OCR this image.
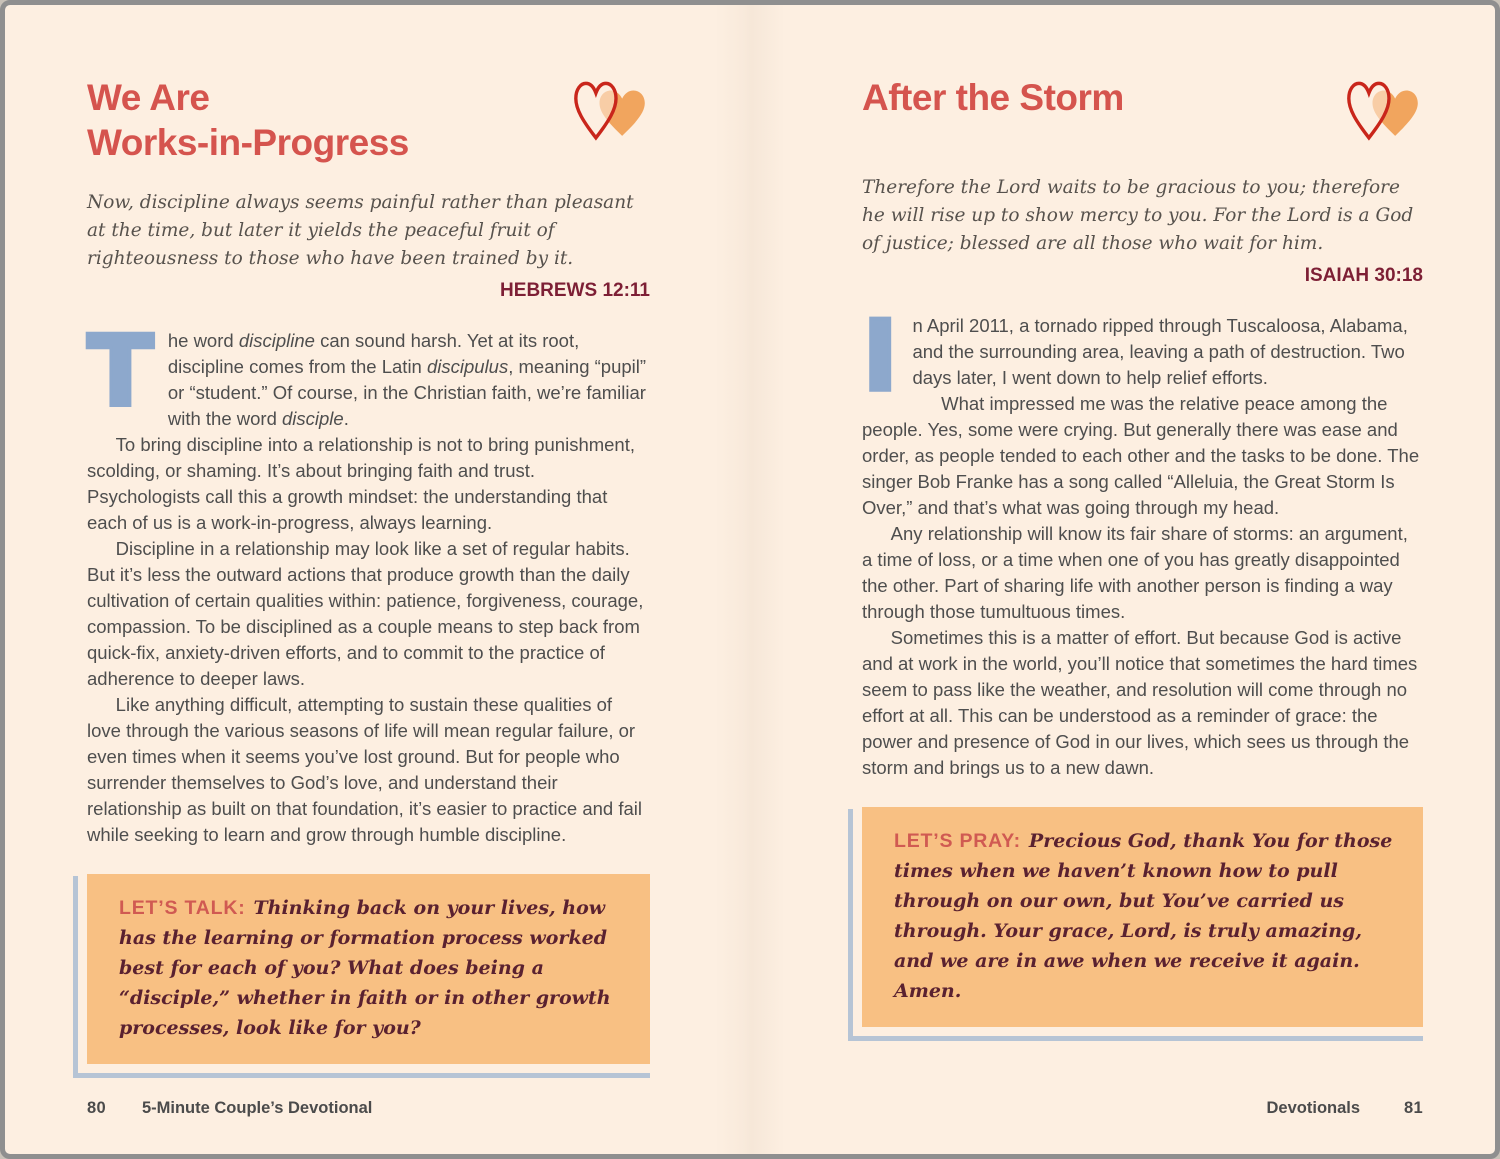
We Are
Works-in-Progress

Now, discipline always seems painful rather than pleasant at the time, but later it yields the peaceful fruit of righteousness to those who have been trained by it.

HEBREWS 12:11

The word discipline can sound harsh. Yet at its root, discipline comes from the Latin discipulus, meaning “pupil” or “student.” Of course, in the Christian faith, we’re familiar with the word disciple.

To bring discipline into a relationship is not to bring punishment, scolding, or shaming. It’s about bringing faith and trust. Psychologists call this a growth mindset: the understanding that each of us is a work-in-progress, always learning.

Discipline in a relationship may look like a set of regular habits. But it’s less the outward actions that produce growth than the daily cultivation of certain qualities within: patience, forgiveness, courage, compassion. To be disciplined as a couple means to step back from quick-fix, anxiety-driven efforts, and to commit to the practice of adherence to deeper laws.

Like anything difficult, attempting to sustain these qualities of love through the various seasons of life will mean regular failure, or even times when it seems you’ve lost ground. But for people who surrender themselves to God’s love, and understand their relationship as built on that foundation, it’s easier to practice and fail while seeking to learn and grow through humble discipline.

LET’S TALK: Thinking back on your lives, how has the learning or formation process worked best for each of you? What does being a “disciple,” whether in faith or in other growth processes, look like for you?
80 5-Minute Couple’s Devotional
After the Storm

Therefore the Lord waits to be gracious to you; therefore he will rise up to show mercy to you. For the Lord is a God of justice; blessed are all those who wait for him.

ISAIAH 30:18

In April 2011, a tornado ripped through Tuscaloosa, Alabama, and the surrounding area, leaving a path of destruction. Two days later, I went down to help relief efforts.

What impressed me was the relative peace among the people. Yes, some were crying. But generally there was ease and order, as people tended to each other and the tasks to be done. The singer Bob Franke has a song called “Alleluia, the Great Storm Is Over,” and that’s what was going through my head.

Any relationship will know its fair share of storms: an argument, a time of loss, or a time when one of you has greatly disappointed the other. Part of sharing life with another person is finding a way through those tumultuous times.

Sometimes this is a matter of effort. But because God is active and at work in the world, you’ll notice that sometimes the hard times seem to pass like the weather, and resolution will come through no effort at all. This can be understood as a reminder of grace: the power and presence of God in our lives, which sees us through the storm and brings us to a new dawn.

LET’S PRAY: Precious God, thank You for those times when we haven’t known how to pull through on our own, but You’ve carried us through. Your grace, Lord, is truly amazing, and we are in awe when we receive it again. Amen.
Devotionals	81
